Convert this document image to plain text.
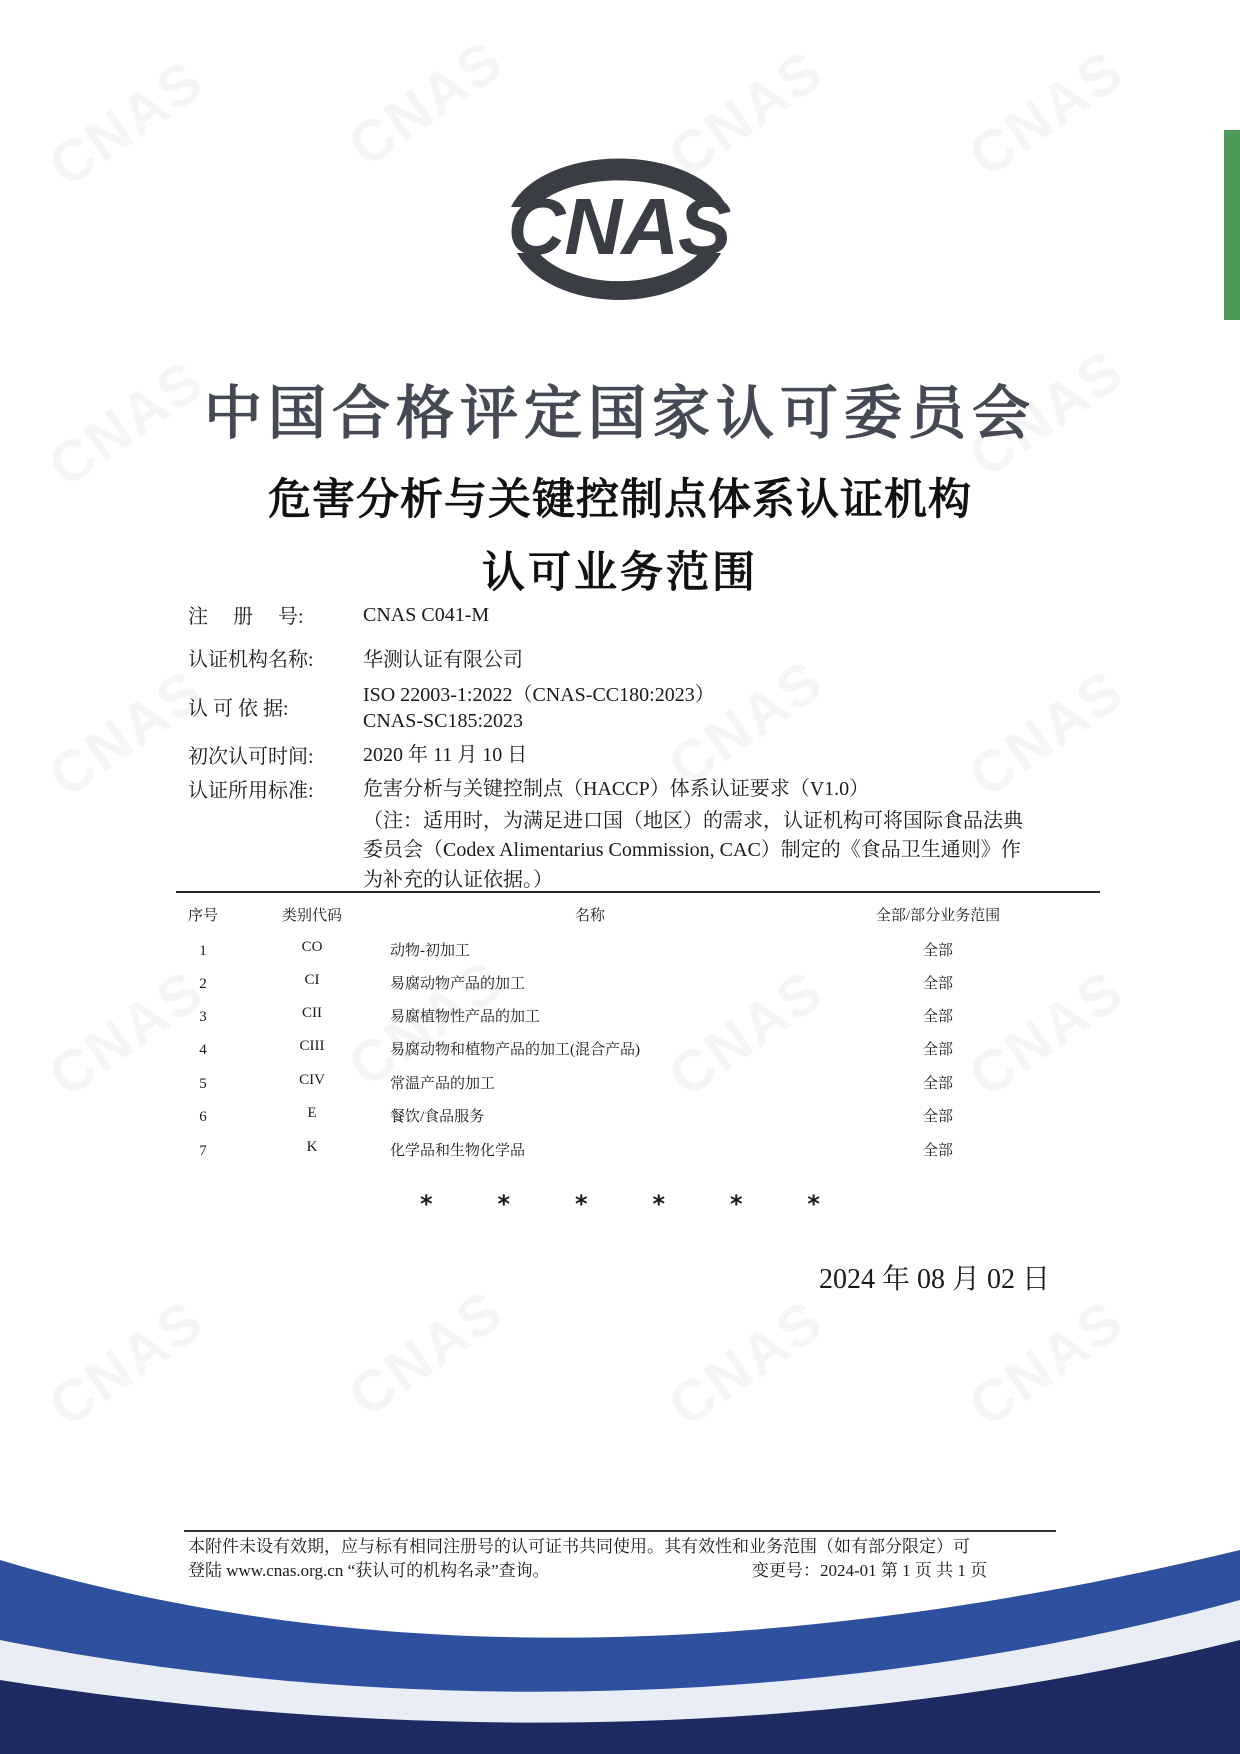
CNAS
中国合格评定国家认可委员会
危害分析与关键控制点体系认证机构
认可业务范围
注　 册　 号:	CNAS C041-M
认证机构名称: 华测认证有限公司
认 可 依 据:
ISO 22003-1:2022（CNAS-CC180:2023）
CNAS-SC185:2023
初次认可时间: 2020 年 11 月 10 日
认证所用标准: 危害分析与关键控制点（HACCP）体系认证要求（V1.0）
（注：适用时，为满足进口国（地区）的需求，认证机构可将国际食品法典
委员会（Codex Alimentarius Commission, CAC）制定的《食品卫生通则》作
为补充的认证依据。）
序号	类别代码	名称	全部/部分业务范围
1	CO	动物-初加工	全部
2	CI	易腐动物产品的加工	全部
3	CII	易腐植物性产品的加工	全部
4	CIII	易腐动物和植物产品的加工(混合产品)	全部
5	CIV	常温产品的加工	全部
6	E	餐饮/食品服务	全部
7	K	化学品和生物化学品	全部
*	*	*	*	*	*
2024 年 08 月 02 日
本附件未设有效期，应与标有相同注册号的认可证书共同使用。其有效性和业务范围（如有部分限定）可
登陆 www.cnas.org.cn “获认可的机构名录”查询。	变更号：2024-01 第 1 页 共 1 页
